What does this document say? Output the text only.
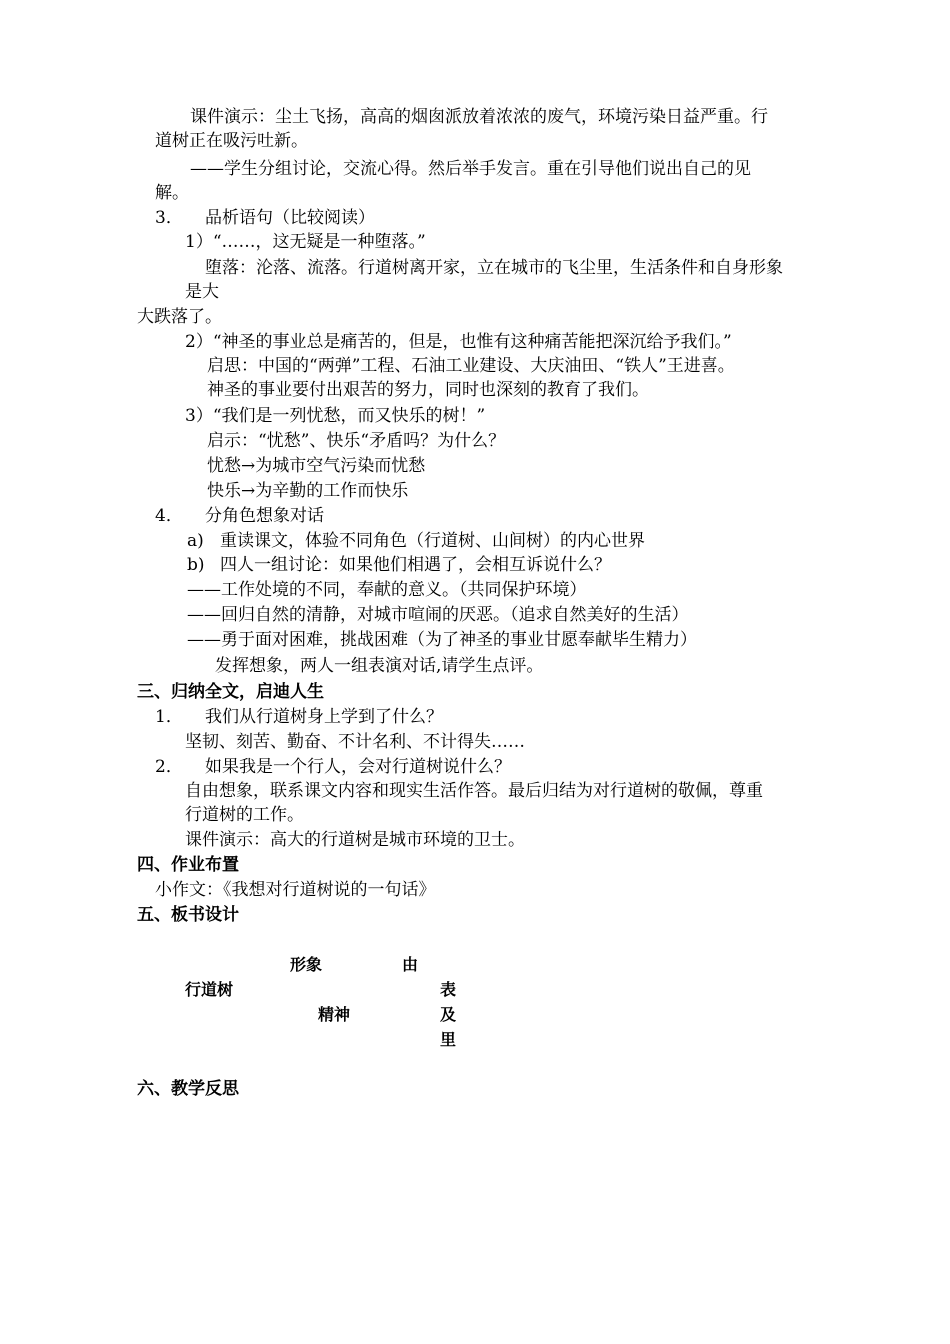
课件演示：尘土飞扬，高高的烟囱派放着浓浓的废气，环境污染日益严重。行
道树正在吸污吐新。
——学生分组讨论，交流心得。然后举手发言。重在引导他们说出自己的见
解。
3． 品析语句（比较阅读）
1）“……，这无疑是一种堕落。”
堕落：沦落、流落。行道树离开家，立在城市的飞尘里，生活条件和自身形象
是大
大跌落了。
2）“神圣的事业总是痛苦的，但是，也惟有这种痛苦能把深沉给予我们。”
启思：中国的“两弹”工程、石油工业建设、大庆油田、“铁人”王进喜。
神圣的事业要付出艰苦的努力，同时也深刻的教育了我们。
3）“我们是一列忧愁，而又快乐的树！”
启示：“忧愁”、快乐“矛盾吗？为什么？
忧愁→为城市空气污染而忧愁
快乐→为辛勤的工作而快乐
4． 分角色想象对话
a) 重读课文，体验不同角色（行道树、山间树）的内心世界
b) 四人一组讨论：如果他们相遇了，会相互诉说什么？
——工作处境的不同，奉献的意义。（共同保护环境）
——回归自然的清静，对城市喧闹的厌恶。（追求自然美好的生活）
——勇于面对困难，挑战困难（为了神圣的事业甘愿奉献毕生精力）
发挥想象，两人一组表演对话,请学生点评。
三、归纳全文，启迪人生
1． 我们从行道树身上学到了什么？
坚韧、刻苦、勤奋、不计名利、不计得失……
2． 如果我是一个行人，会对行道树说什么？
自由想象，联系课文内容和现实生活作答。最后归结为对行道树的敬佩，尊重
行道树的工作。
课件演示：高大的行道树是城市环境的卫士。
四、作业布置
小作文：《我想对行道树说的一句话》
五、板书设计
形象	由
行道树	表
精神	及
里
六、教学反思
